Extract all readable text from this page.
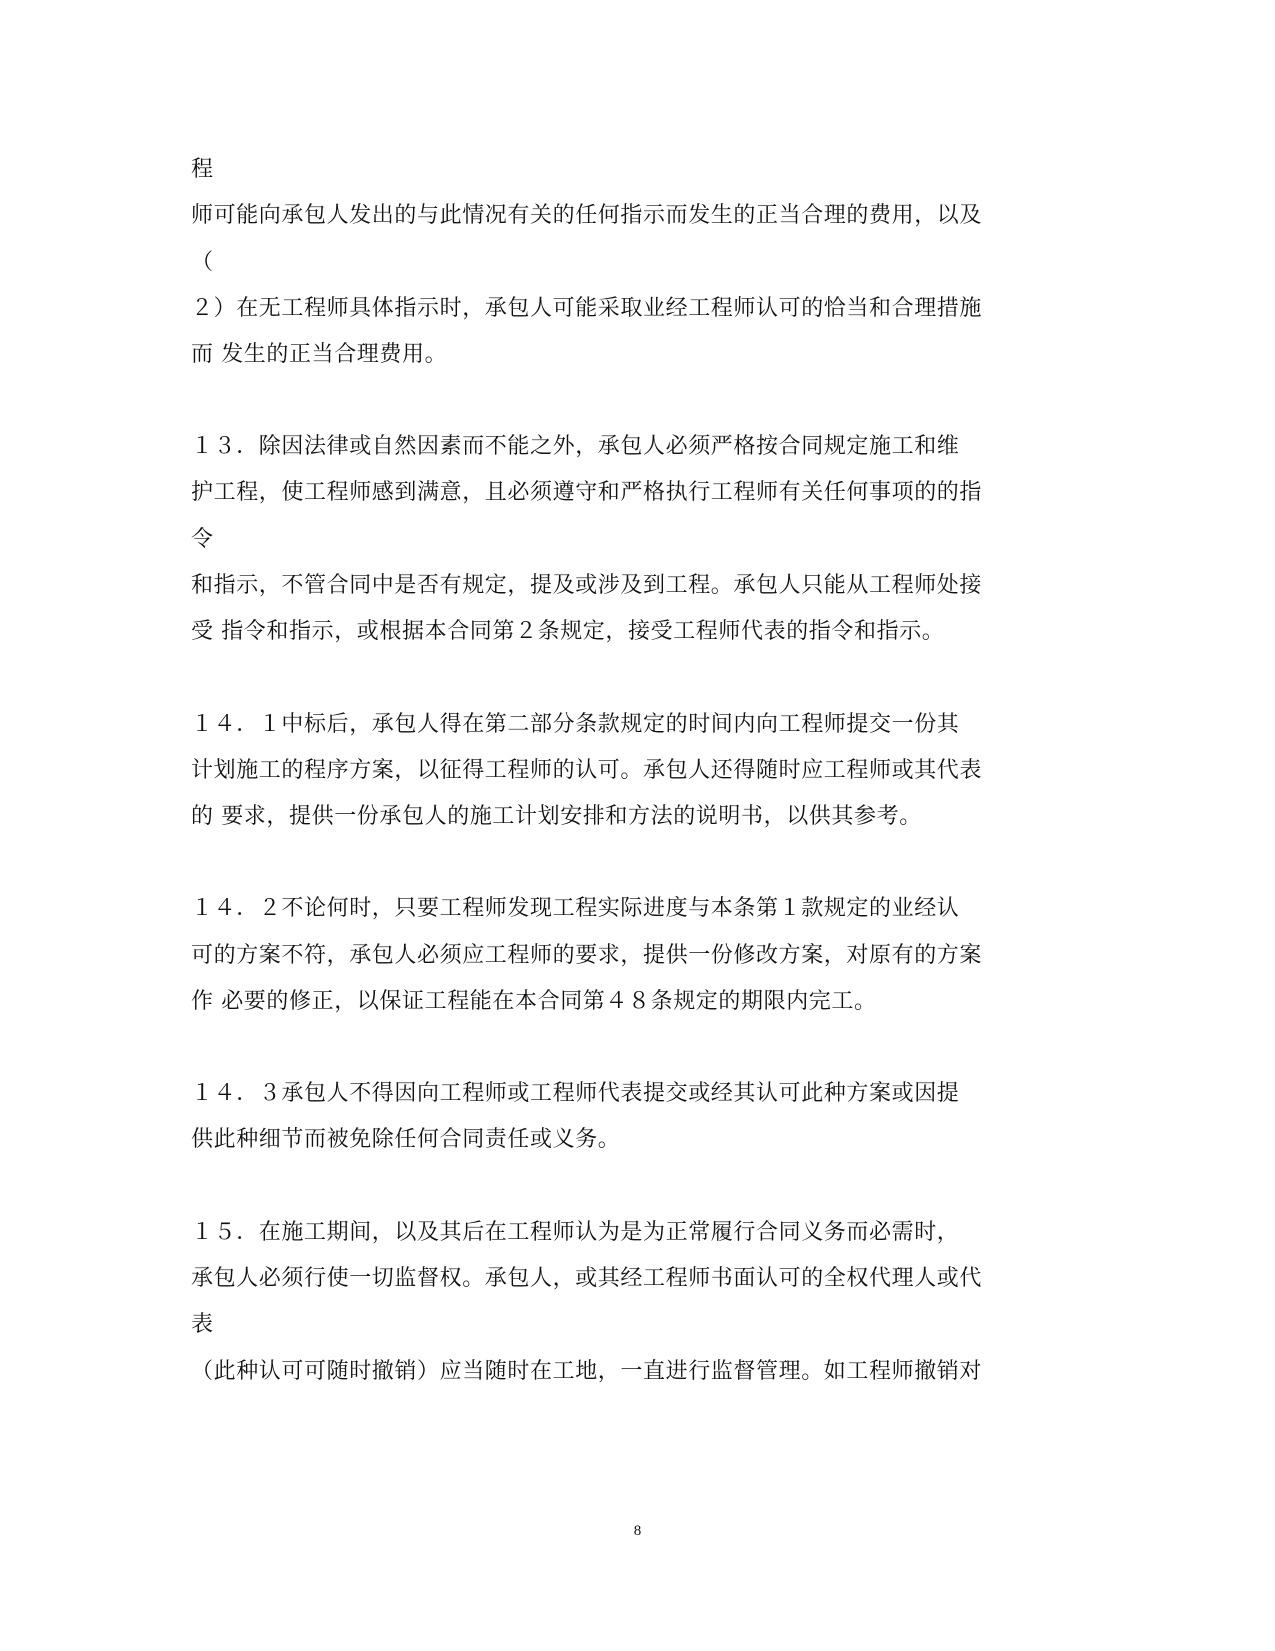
程
师可能向承包人发出的与此情况有关的任何指示而发生的正当合理的费用，以及
（
２）在无工程师具体指示时，承包人可能采取业经工程师认可的恰当和合理措施
而 发生的正当合理费用。
１３．除因法律或自然因素而不能之外，承包人必须严格按合同规定施工和维
护工程，使工程师感到满意，且必须遵守和严格执行工程师有关任何事项的的指
令
和指示，不管合同中是否有规定，提及或涉及到工程。承包人只能从工程师处接
受 指令和指示，或根据本合同第２条规定，接受工程师代表的指令和指示。
１４．１中标后，承包人得在第二部分条款规定的时间内向工程师提交一份其
计划施工的程序方案，以征得工程师的认可。承包人还得随时应工程师或其代表
的 要求，提供一份承包人的施工计划安排和方法的说明书，以供其参考。
１４．２不论何时，只要工程师发现工程实际进度与本条第１款规定的业经认
可的方案不符，承包人必须应工程师的要求，提供一份修改方案，对原有的方案
作 必要的修正，以保证工程能在本合同第４８条规定的期限内完工。
１４．３承包人不得因向工程师或工程师代表提交或经其认可此种方案或因提
供此种细节而被免除任何合同责任或义务。
１５．在施工期间，以及其后在工程师认为是为正常履行合同义务而必需时，
承包人必须行使一切监督权。承包人，或其经工程师书面认可的全权代理人或代
表
（此种认可可随时撤销）应当随时在工地，一直进行监督管理。如工程师撤销对
8
